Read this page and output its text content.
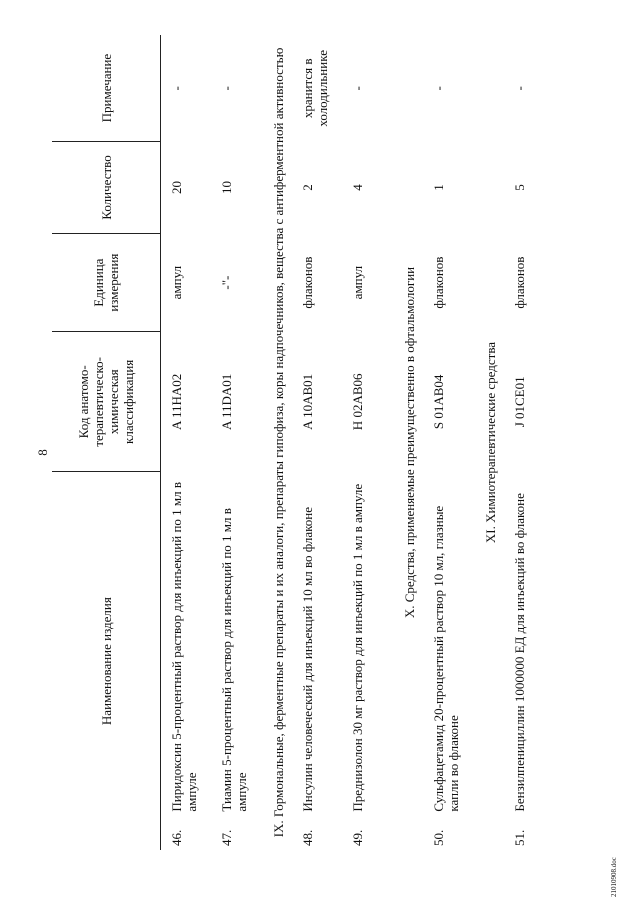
8
Наименование изделия		Код анатомо-терапевтическо-химическая классификация	Единица измерения	Количество	Примечание
46.	Пиридоксин 5-процентный раствор для инъекций по 1 мл в ампуле	A 11HA02	ампул	20	-
47.	Тиамин 5-процентный раствор для инъекций по 1 мл в ампуле	A 11DA01	-"-	10	-
IX. Гормональные, ферментные препараты и их аналоги, препараты гипофиза, коры надпочечников, вещества с антиферментной активностью					
48.	Инсулин человеческий для инъекций 10 мл во флаконе	A 10AB01	флаконов	2	хранится в холодильнике
49.	Преднизолон 30 мг раствор для инъекций по 1 мл в ампуле	H 02AB06	ампул	4	-
X. Средства, применяемые преимущественно в офтальмологии					
50.	Сульфацетамид 20-процентный раствор 10 мл, глазные капли во флаконе	S 01AB04	флаконов	1	-
XI. Химиотерапевтические средства					
51.	Бензилпенициллин 1000000 ЕД для инъекций во флаконе	J 01CE01	флаконов	5	-
21010908.doc
